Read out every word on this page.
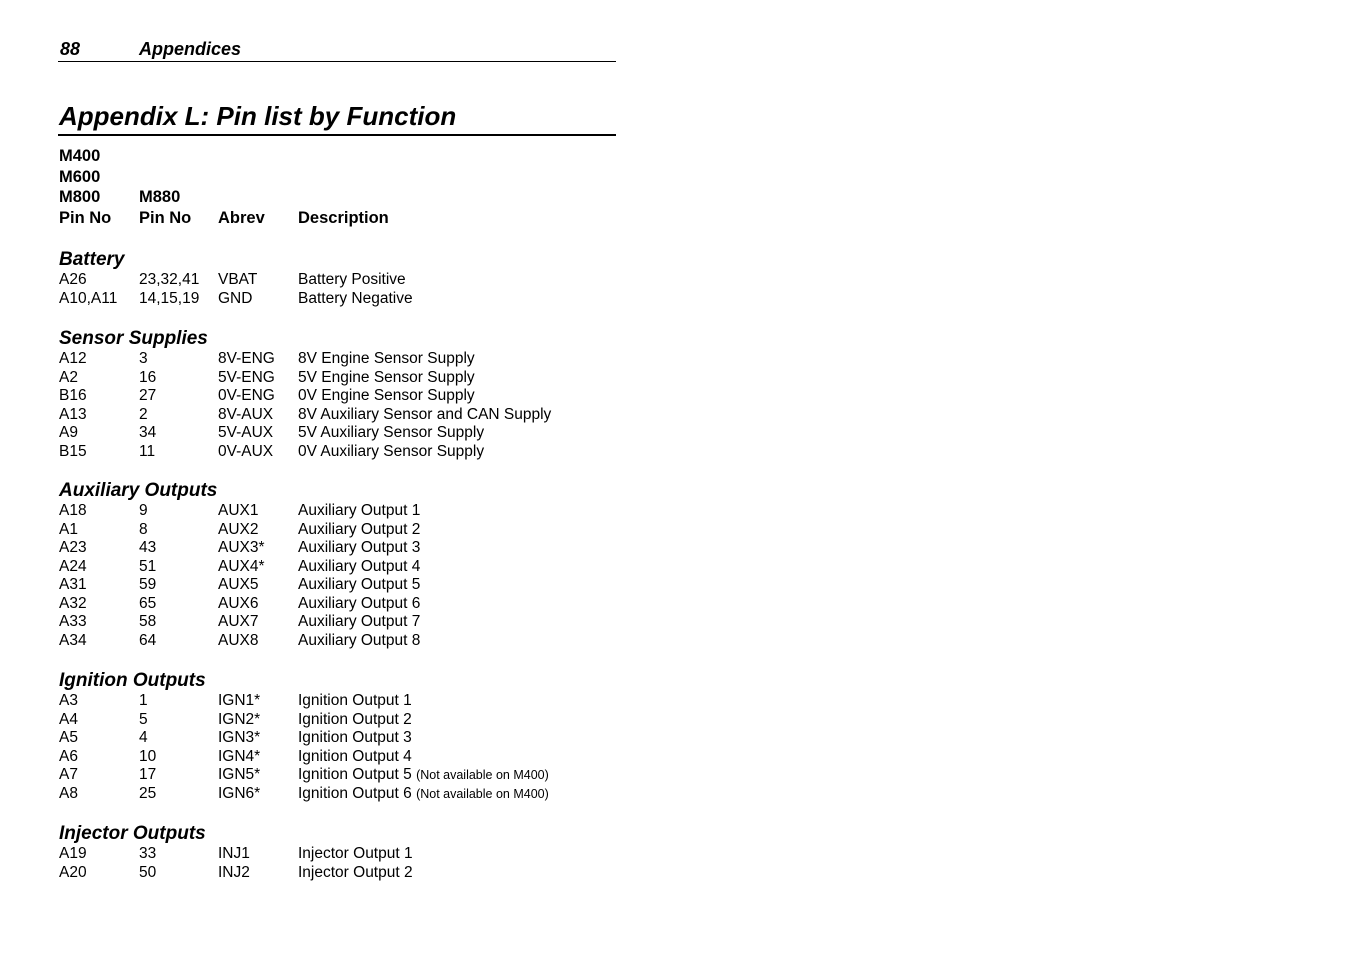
88	Appendices
Appendix L: Pin list by Function
M400
M600
M800 M880
Pin No Pin No Abrev Description
Battery
A26	23,32,41 VBAT	Battery Positive
A10,A11 14,15,19 GND	Battery Negative
Sensor Supplies
A12	3	8V-ENG 8V Engine Sensor Supply
A2	16	5V-ENG 5V Engine Sensor Supply
B16	27	0V-ENG 0V Engine Sensor Supply
A13	2	8V-AUX 8V Auxiliary Sensor and CAN Supply
A9	34	5V-AUX 5V Auxiliary Sensor Supply
B15	11	0V-AUX 0V Auxiliary Sensor Supply
Auxiliary Outputs
A18	9	AUX1	Auxiliary Output 1
A1	8	AUX2	Auxiliary Output 2
A23	43	AUX3* Auxiliary Output 3
A24	51	AUX4* Auxiliary Output 4
A31	59	AUX5	Auxiliary Output 5
A32	65	AUX6	Auxiliary Output 6
A33	58	AUX7	Auxiliary Output 7
A34	64	AUX8	Auxiliary Output 8
Ignition Outputs
A3	1	IGN1* Ignition Output 1
A4	5	IGN2* Ignition Output 2
A5	4	IGN3* Ignition Output 3
A6	10	IGN4* Ignition Output 4
A7	17	IGN5* Ignition Output 5 (Not available on M400)
A8	25	IGN6* Ignition Output 6 (Not available on M400)
Injector Outputs
A19	33	INJ1	Injector Output 1
A20	50	INJ2	Injector Output 2
